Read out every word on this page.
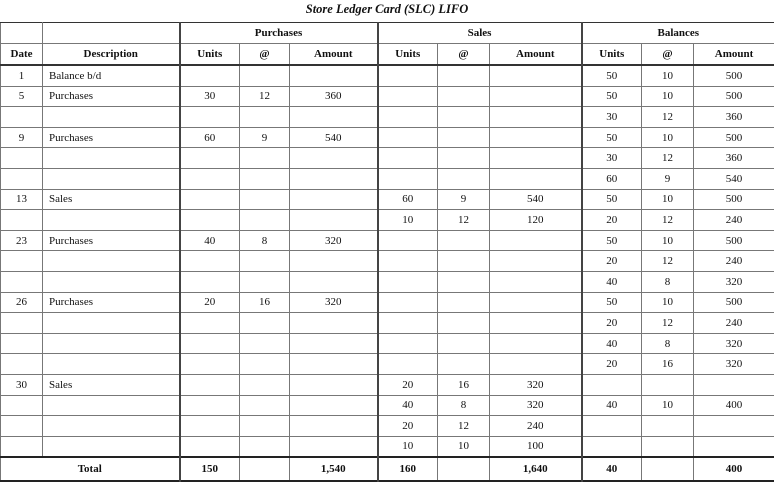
Store Ledger Card (SLC) LIFO
		Purchases			Sales			Balances		
Date	Description	Units	@	Amount	Units	@	Amount	Units	@	Amount
1	Balance b/d							50	10	500
5	Purchases	30	12	360				50	10	500
								30	12	360
9	Purchases	60	9	540				50	10	500
								30	12	360
								60	9	540
13	Sales				60	9	540	50	10	500
					10	12	120	20	12	240
23	Purchases	40	8	320				50	10	500
								20	12	240
								40	8	320
26	Purchases	20	16	320				50	10	500
								20	12	240
								40	8	320
								20	16	320
30	Sales				20	16	320			
					40	8	320	40	10	400
					20	12	240			
					10	10	100			
Total		150		1,540	160		1,640	40		400
